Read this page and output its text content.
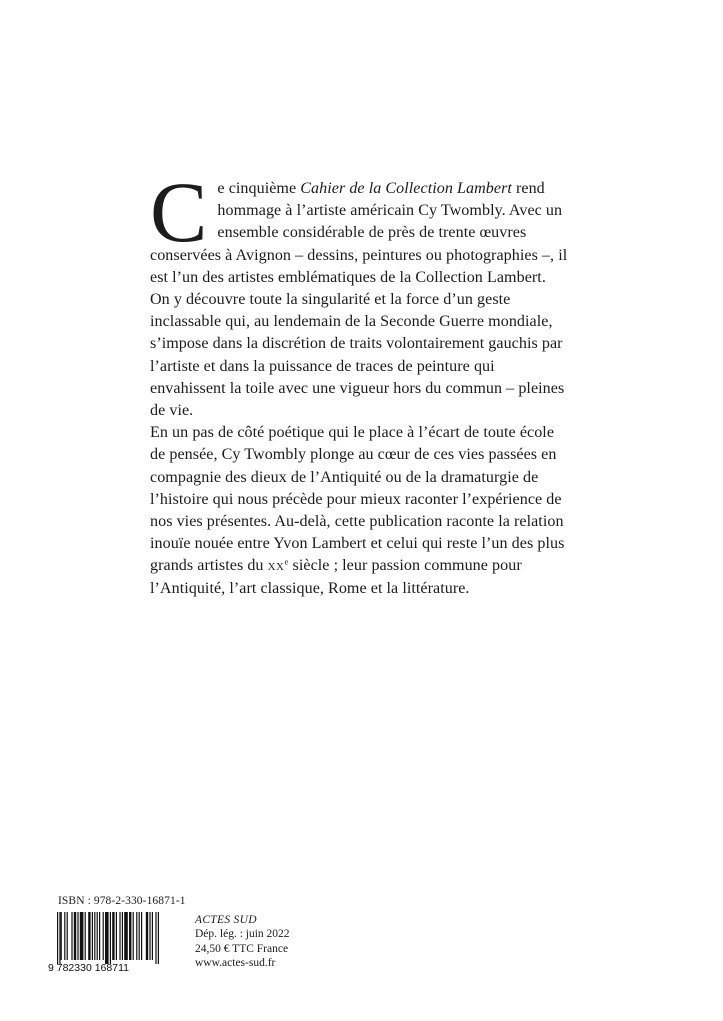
Ce cinquième Cahier de la Collection Lambert rend hommage à l’artiste américain Cy Twombly. Avec un ensemble considérable de près de trente œuvres conservées à Avignon – dessins, peintures ou photographies –, il est l’un des artistes emblématiques de la Collection Lambert.

On y découvre toute la singularité et la force d’un geste inclassable qui, au lendemain de la Seconde Guerre mondiale, s’impose dans la discrétion de traits volontairement gauchis par l’artiste et dans la puissance de traces de peinture qui envahissent la toile avec une vigueur hors du commun – pleines de vie.

En un pas de côté poétique qui le place à l’écart de toute école de pensée, Cy Twombly plonge au cœur de ces vies passées en compagnie des dieux de l’Antiquité ou de la dramaturgie de l’histoire qui nous précède pour mieux raconter l’expérience de nos vies présentes. Au-delà, cette publication raconte la relation inouïe nouée entre Yvon Lambert et celui qui reste l’un des plus grands artistes du $xx^e$ siècle ; leur passion commune pour l’Antiquité, l’art classique, Rome et la littérature.

ISBN : 978-2-330-16871-1
9 782330 168711
ACTES SUD
Dép. lég. : juin 2022
24,50 € TTC France
www.actes-sud.fr
